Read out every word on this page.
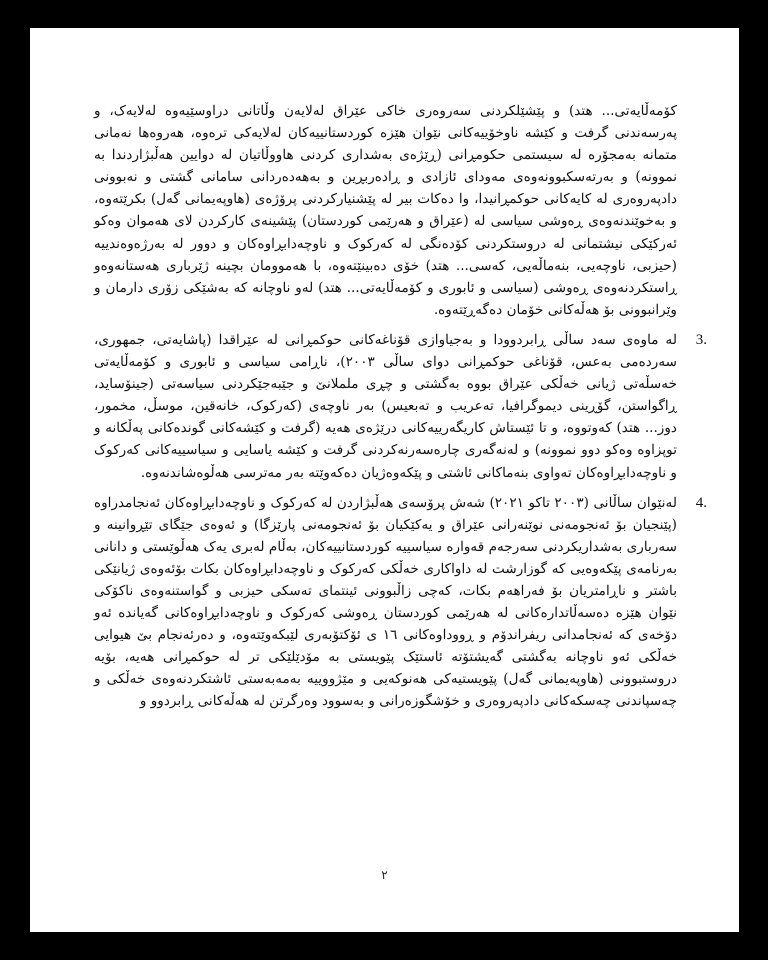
کۆمەڵایەتی... هتد) و پێشێلکردنی سەروەری خاکی عێراق لەلایەن وڵاتانی دراوسێیەوە لەلایەک، و پەرسەندنی گرفت و کێشە ناوخۆییەکانی نێوان هێزە کوردستانییەکان لەلایەکی ترەوە، هەروەها نەمانی متمانە بەمجۆرە لە سیستمی حکومڕانی (ڕێژەی بەشداری کردنی هاووڵاتیان لە دوایین هەڵبژاردندا بە نموونە) و بەرتەسکبوونەوەی مەودای ئازادی و ڕادەربڕین و بەهەدەردانی سامانی گشتی و نەبوونی دادپەروەری لە کایەکانی حوکمڕانیدا، وا دەکات بیر لە پێشنیارکردنی پرۆژەی (هاوپەیمانی گەل) بکرێتەوە، و بەخوێندنەوەی ڕەوشی سیاسی لە (عێراق و هەرێمی کوردستان) پێشینەی کارکردن لای هەموان وەکو ئەرکێکی نیشتمانی لە دروستکردنی کۆدەنگی لە کەرکوک و ناوچەدابڕاوەکان و دوور لە بەرژەوەندییە (حیزبی، ناوچەیی، بنەماڵەیی، کەسی... هتد) خۆی دەبینێتەوە، با هەموومان بچینە ژێرباری هەستانەوەو ڕاستکردنەوەی ڕەوشی (سیاسی و ئابوری و کۆمەڵایەتی... هتد) لەو ناوچانە کە بەشێکی زۆری دارمان و وێرانبوونی بۆ هەڵەکانی خۆمان دەگەڕێتەوە.

3.

لە ماوەی سەد ساڵی ڕابردوودا و بەجیاوازی قۆناغەکانی حوکمڕانی لە عێراقدا (پاشایەتی، جمهوری، سەردەمی بەعس، قۆناغی حوکمڕانی دوای ساڵی ٢٠٠٣)، ناڕامی سیاسی و ئابوری و کۆمەڵایەتی خەسڵەتی ژیانی خەڵکی عێراق بووە بەگشتی و چڕی ململانێ و جێبەجێکردنی سیاسەتی (جینۆساید، ڕاگواستن، گۆڕینی دیموگرافیا، تەعریب و تەبعیس) بەر ناوچەی (کەرکوک، خانەقین، موسڵ، مخمور، دوز... هتد) کەوتووە، و تا ئێستاش کاریگەرییەکانی درێژەی هەیە (گرفت و کێشەکانی گوندەکانی پەڵکانە و توپزاوە وەکو دوو نموونە) و لەنەگەری چارەسەرنەکردنی گرفت و کێشە یاسایی و سیاسییەکانی کەرکوک و ناوچەدابڕاوەکان تەواوی بنەماکانی ئاشتی و پێکەوەژیان دەکەوێتە بەر مەترسی هەڵوەشاندنەوە.

4.

لەنێوان ساڵانی (٢٠٠٣ تاکو ٢٠٢١) شەش پرۆسەی هەڵبژاردن لە کەرکوک و ناوچەدابڕاوەکان ئەنجامدراوە (پێنجیان بۆ ئەنجومەنی نوێنەرانی عێراق و یەکێکیان بۆ ئەنجومەنی پارێزگا) و ئەوەی جێگای تێڕوانینە و سەرباری بەشداریکردنی سەرجەم قەوارە سیاسییە کوردستانییەکان، بەڵام لەبری یەک هەڵوێستی و دانانی بەرنامەی پێکەوەیی کە گوزارشت لە داواکاری خەڵکی کەرکوک و ناوچەدابڕاوەکان بکات بۆئەوەی ژیانێکی باشتر و ناڕامتریان بۆ فەراهەم بکات، کەچی زاڵبوونی ئینتمای تەسکی حیزبی و گواستنەوەی ناکۆکی نێوان هێزە دەسەڵاتدارەکانی لە هەرێمی کوردستان ڕەوشی کەرکوک و ناوچەدابڕاوەکانی گەیاندە ئەو دۆخەی کە ئەنجامدانی ریفراندۆم و ڕووداوەکانی ١٦ ی ئۆکتۆبەری لێبکەوێتەوە، و دەرئەنجام بێ هیوایی خەڵکی ئەو ناوچانە بەگشتی گەیشتۆتە ئاستێک پێویستی بە مۆدێلێکی تر لە حوکمڕانی هەیە، بۆیە دروستبوونی (هاوپەیمانی گەل) پێویستیەکی هەنوکەیی و مێژووییە بەمەبەستی ئاشتکردنەوەی خەڵکی و چەسپاندنی چەسکەکانی دادپەروەری و خۆشگوزەرانی و بەسوود وەرگرتن لە هەڵەکانی ڕابردوو و

٢
